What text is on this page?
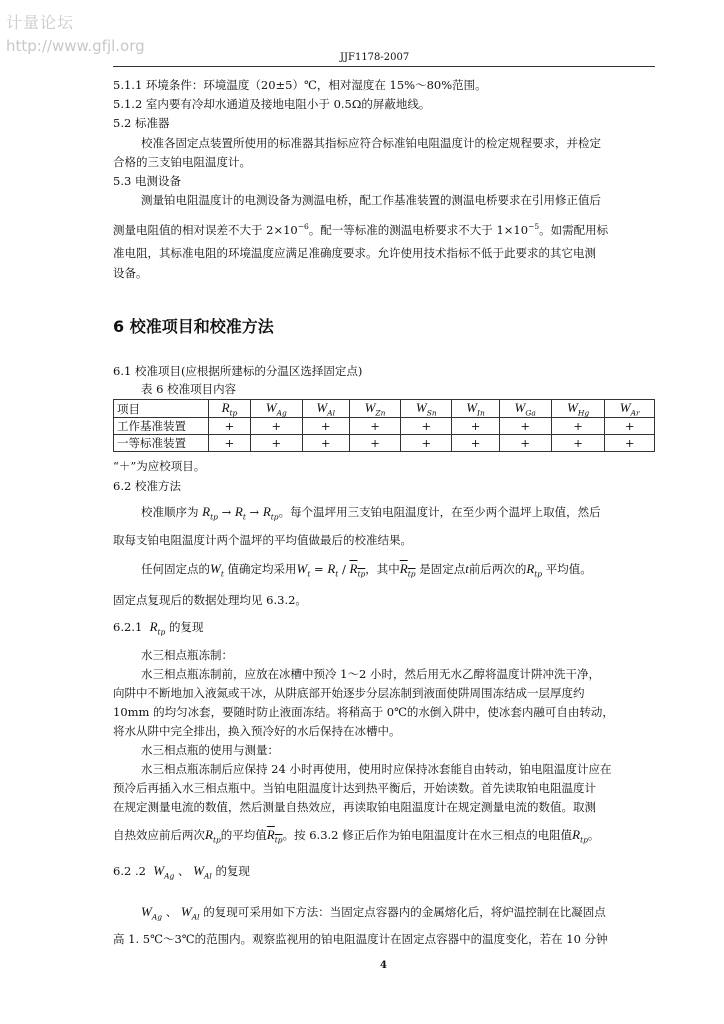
计量论坛
http://www.gfjl.org
JJF1178-2007
5.1.1 环境条件：环境温度（20±5）℃，相对湿度在 15%～80%范围。
5.1.2 室内要有冷却水通道及接地电阻小于 0.5Ω的屏蔽地线。
5.2 标准器
校准各固定点装置所使用的标准器其指标应符合标准铂电阻温度计的检定规程要求，并检定
合格的三支铂电阻温度计。
5.3 电测设备
测量铂电阻温度计的电测设备为测温电桥，配工作基准装置的测温电桥要求在引用修正值后
测量电阻值的相对误差不大于 $2\times 10^{-6}$。配一等标准的测温电桥要求不大于 $1\times 10^{-5}$。如需配用标
准电阻，其标准电阻的环境温度应满足准确度要求。允许使用技术指标不低于此要求的其它电测
设备。
6 校准项目和校准方法
6.1 校准项目(应根据所建标的分温区选择固定点)
表 6 校准项目内容
项目	$R_{tp}$	$W_{Ag}$	$W_{Al}$	$W_{Zn}$	$W_{Sn}$	$W_{In}$	$W_{Ga}$	$W_{Hg}$	$W_{Ar}$
工作基准装置	+	+	+	+	+	+	+	+	+
一等标准装置	+	+	+	+	+	+	+	+	+
“＋”为应校项目。
6.2 校准方法
校准顺序为 $R_{tp} \to R_t \to R_{tp}$。每个温坪用三支铂电阻温度计，在至少两个温坪上取值，然后
取每支铂电阻温度计两个温坪的平均值做最后的校准结果。
任何固定点的$W_t$ 值确定均采用$W_t = R_t / R_{tp}$，其中$R_{tp}$ 是固定点t前后两次的$R_{tp}$ 平均值。
固定点复现后的数据处理均见 6.3.2。
6.2.1 $R_{tp}$ 的复现
水三相点瓶冻制：
水三相点瓶冻制前，应放在冰槽中预冷 1～2 小时，然后用无水乙醇将温度计阱冲洗干净，
向阱中不断地加入液氮或干冰，从阱底部开始逐步分层冻制到液面使阱周围冻结成一层厚度约
10mm 的均匀冰套，要随时防止液面冻结。将稍高于 0℃的水倒入阱中，使冰套内融可自由转动，
将水从阱中完全排出，换入预冷好的水后保持在冰槽中。
水三相点瓶的使用与测量：
水三相点瓶冻制后应保持 24 小时再使用，使用时应保持冰套能自由转动，铂电阻温度计应在
预冷后再插入水三相点瓶中。当铂电阻温度计达到热平衡后，开始读数。首先读取铂电阻温度计
在规定测量电流的数值，然后测量自热效应，再读取铂电阻温度计在规定测量电流的数值。取测
自热效应前后两次$R_{tp}$的平均值$R_{tp}$。按 6.3.2 修正后作为铂电阻温度计在水三相点的电阻值$R_{tp}$。
6.2 .2 $W_{Ag}$ 、 $W_{Al}$ 的复现
$W_{Ag}$ 、 $W_{Al}$ 的复现可采用如下方法：当固定点容器内的金属熔化后，将炉温控制在比凝固点
高 1. 5℃～3℃的范围内。观察监视用的铂电阻温度计在固定点容器中的温度变化，若在 10 分钟
4
